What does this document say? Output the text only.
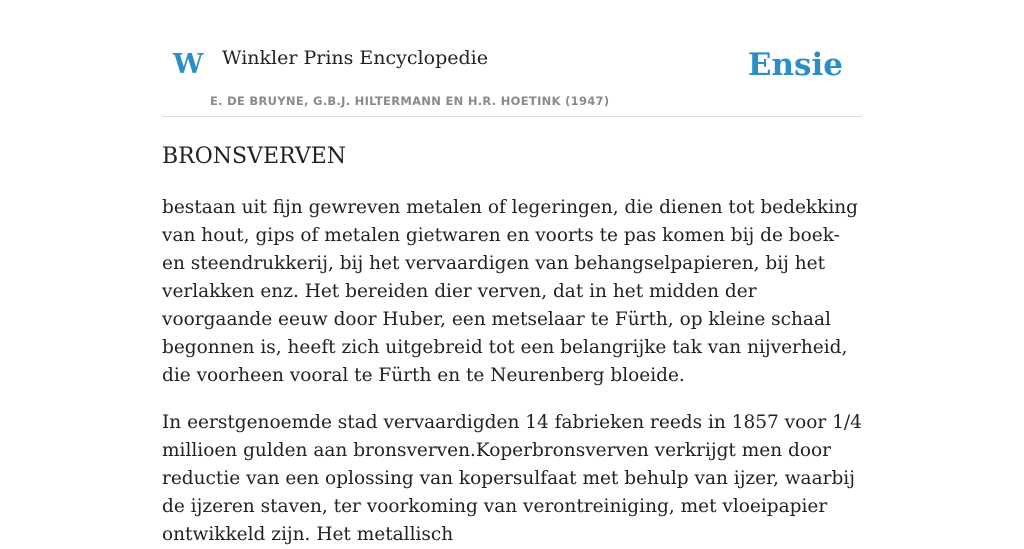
W Winkler Prins Encyclopedie
E. DE BRUYNE, G.B.J. HILTERMANN EN H.R. HOETINK (1947)
Ensie
BRONSVERVEN

bestaan uit fijn gewreven metalen of legeringen, die dienen tot bedekking van hout, gips of metalen gietwaren en voorts te pas komen bij de boek- en steendrukkerij, bij het vervaardigen van behangselpapieren, bij het verlakken enz. Het bereiden dier verven, dat in het midden der voorgaande eeuw door Huber, een metselaar te Fürth, op kleine schaal begonnen is, heeft zich uitgebreid tot een belangrijke tak van nijverheid, die voorheen vooral te Fürth en te Neurenberg bloeide.

In eerstgenoemde stad vervaardigden 14 fabrieken reeds in 1857 voor 1/4 millioen gulden aan bronsverven.Koperbronsverven verkrijgt men door reductie van een oplossing van kopersulfaat met behulp van ijzer, waarbij de ijzeren staven, ter voorkoming van verontreiniging, met vloeipapier ontwikkeld zijn. Het metallisch
